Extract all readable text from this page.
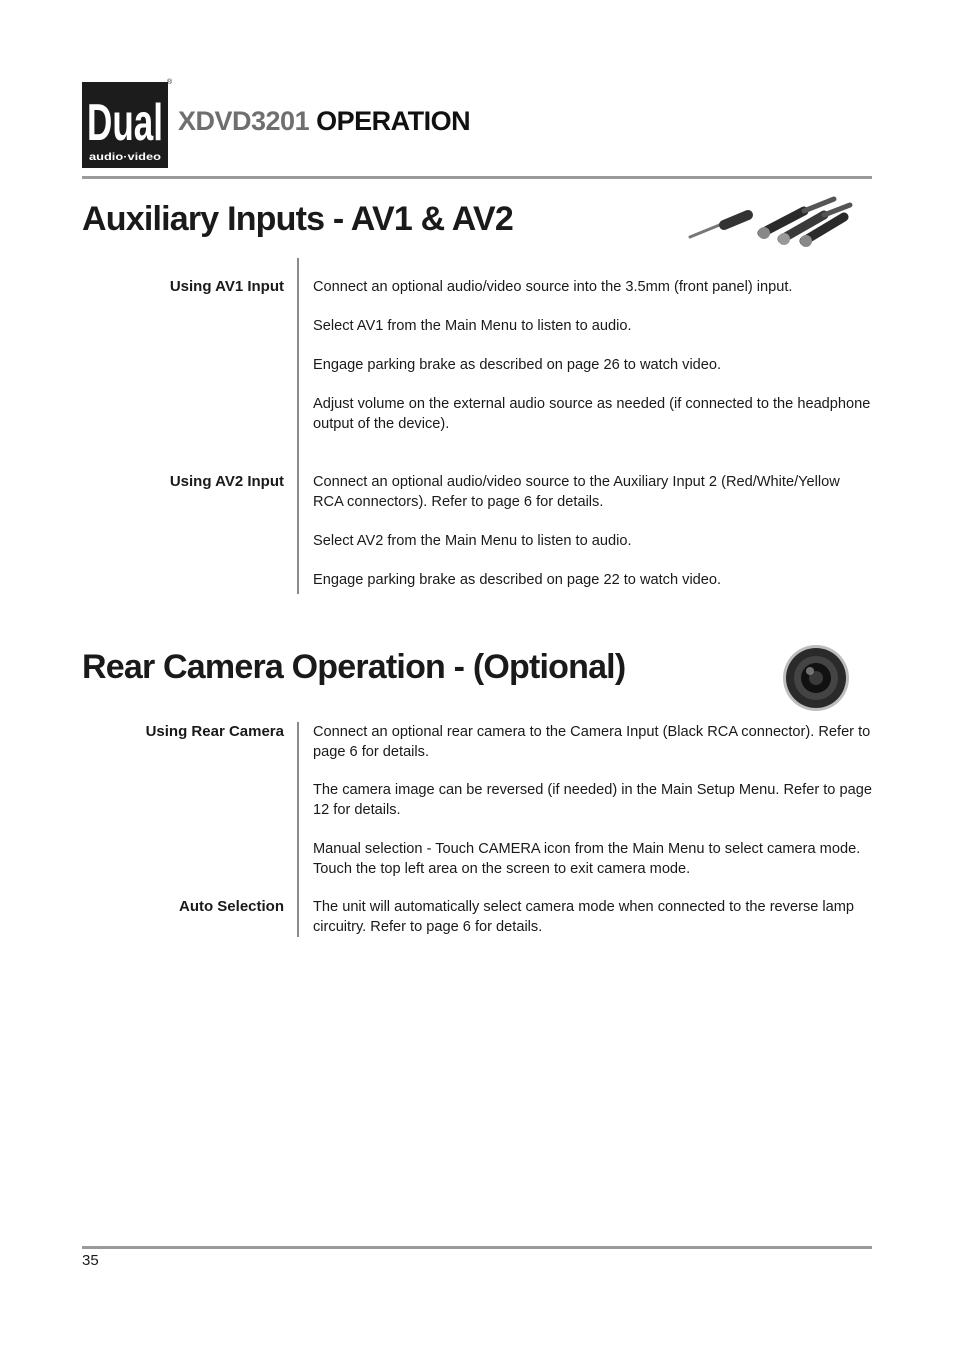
Dual
audio·video
®
XDVD3201 OPERATION
Auxiliary Inputs - AV1 & AV2
Using AV1 Input Connect an optional audio/video source into the 3.5mm (front panel) input.
Select AV1 from the Main Menu to listen to audio.
Engage parking brake as described on page 26 to watch video.
Adjust volume on the external audio source as needed (if connected to the headphone output of the device).
Using AV2 Input Connect an optional audio/video source to the Auxiliary Input 2 (Red/White/Yellow RCA connectors). Refer to page 6 for details.
Select AV2 from the Main Menu to listen to audio.
Engage parking brake as described on page 22 to watch video.
Rear Camera Operation - (Optional)
Using Rear Camera Connect an optional rear camera to the Camera Input (Black RCA connector). Refer to page 6 for details.
The camera image can be reversed (if needed) in the Main Setup Menu. Refer to page 12 for details.
Manual selection - Touch CAMERA icon from the Main Menu to select camera mode. Touch the top left area on the screen to exit camera mode.
Auto Selection The unit will automatically select camera mode when connected to the reverse lamp circuitry. Refer to page 6 for details.
35
